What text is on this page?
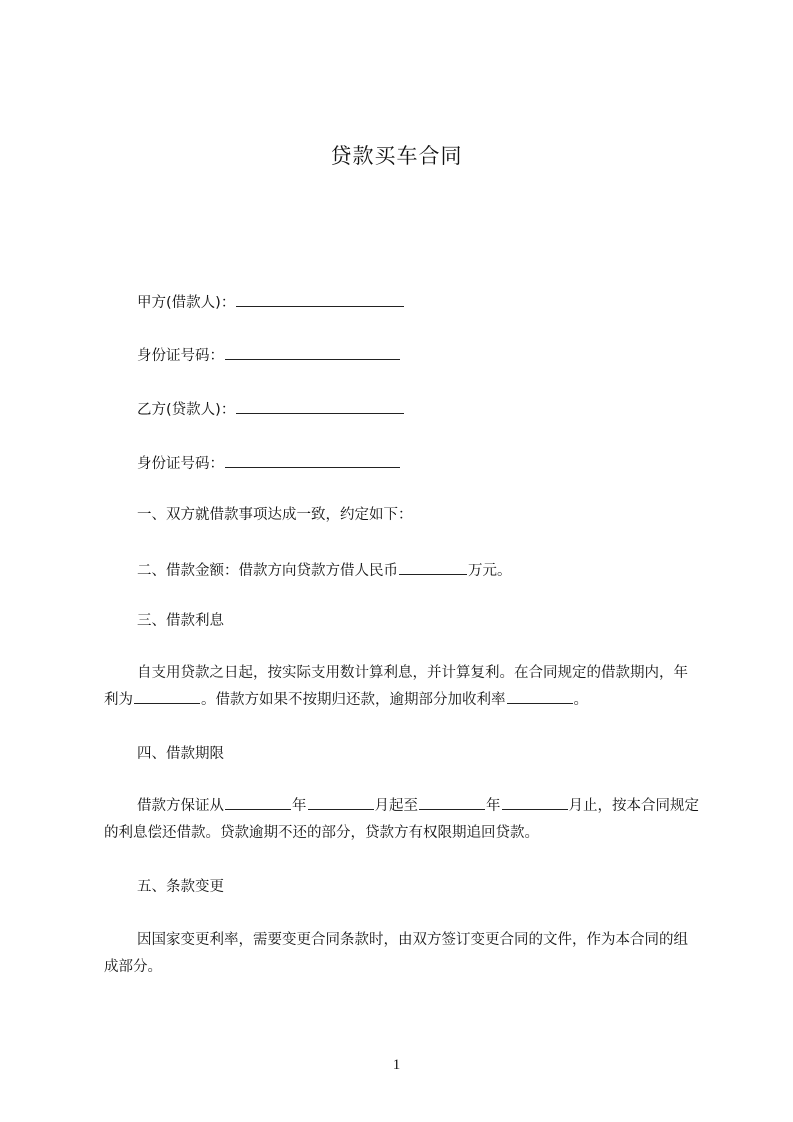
贷款买车合同
甲方(借款人)：
身份证号码：
乙方(贷款人)：
身份证号码：
一、双方就借款事项达成一致，约定如下：
二、借款金额：借款方向贷款方借人民币	万元。
三、借款利息
自支用贷款之日起，按实际支用数计算利息，并计算复利。在合同规定的借款期内，年利为	。借款方如果不按期归还款，逾期部分加收利率	。
四、借款期限
借款方保证从	年	月起至	年	月止，按本合同规定的利息偿还借款。贷款逾期不还的部分，贷款方有权限期追回贷款。
五、条款变更
因国家变更利率，需要变更合同条款时，由双方签订变更合同的文件，作为本合同的组成部分。
1
